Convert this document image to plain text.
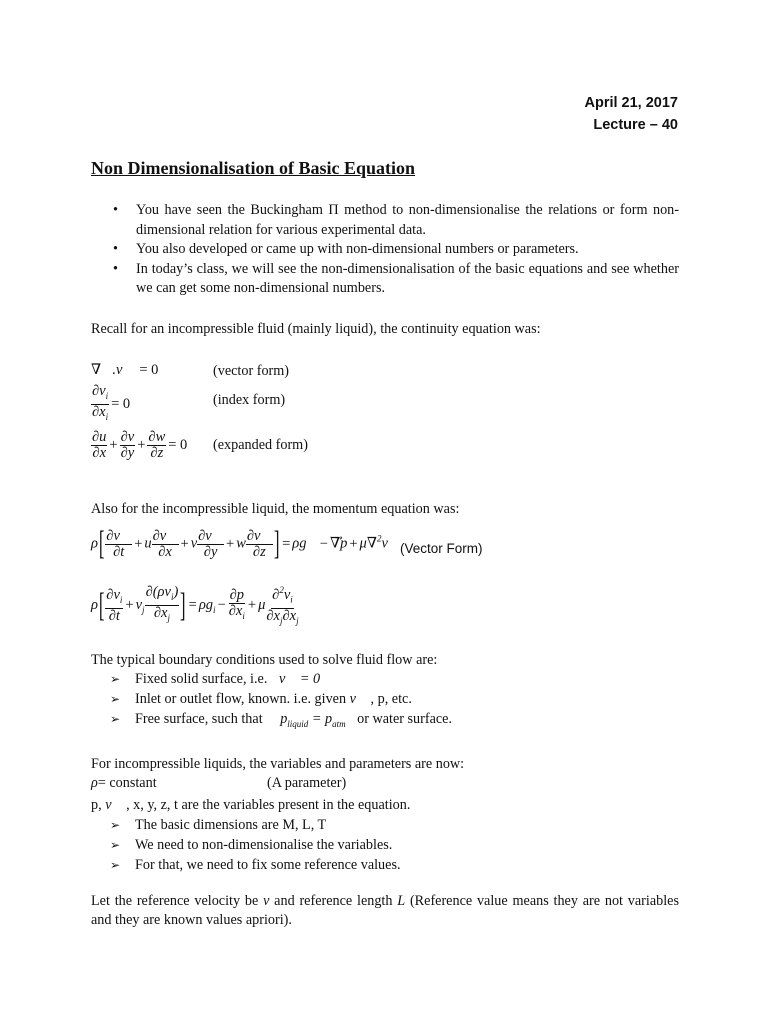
April 21, 2017
Lecture – 40
Non Dimensionalisation of Basic Equation
• You have seen the Buckingham Π method to non-dimensionalise the relations or form non-dimensional relation for various experimental data.
• You also developed or came up with non-dimensional numbers or parameters.
• In today’s class, we will see the non-dimensionalisation of the basic equations and see whether we can get some non-dimensional numbers.
Recall for an incompressible fluid (mainly liquid), the continuity equation was:
∇⃗.v⃗ = 0	(vector form)
$\frac{\partial v_i}{\partial x_i} = 0$	(index form)
$\frac{\partial u}{\partial x} + \frac{\partial v}{\partial y} + \frac{\partial w}{\partial z} = 0$ (expanded form)
Also for the incompressible liquid, the momentum equation was:
$\rho[ \frac{\partial v⃗}{\partial t} + u \frac{\partial v⃗}{\partial x} + v \frac{\partial v⃗}{\partial y} + w \frac{\partial v⃗}{\partial z}$ ] = ρg⃗ − ∇⃗p + μ∇$^2$v⃗ (Vector Form)
$\rho[ \frac{\partial v_i}{\partial t} + v_j \frac{\partial(\rho v_i)}{\partial x_j}$ ] = $\rho g_i - \frac{\partial p}{\partial x_i} + \mu \frac{\partial^2v_i}{\partial x_j\partial x_j}$
The typical boundary conditions used to solve fluid flow are:
➢ Fixed solid surface, i.e. v⃗ = 0
➢ Inlet or outlet flow, known. i.e. given v⃗ , p, etc.
➢ Free surface, such that $p_{liquid} = p_{atm}$ or water surface.
For incompressible liquids, the variables and parameters are now:
ρ= constant	(A parameter)
p, v⃗ , x, y, z, t are the variables present in the equation.
➢ The basic dimensions are M, L, T
➢ We need to non-dimensionalise the variables.
➢ For that, we need to fix some reference values.
Let the reference velocity be v and reference length L (Reference value means they are not variables and they are known values apriori).
